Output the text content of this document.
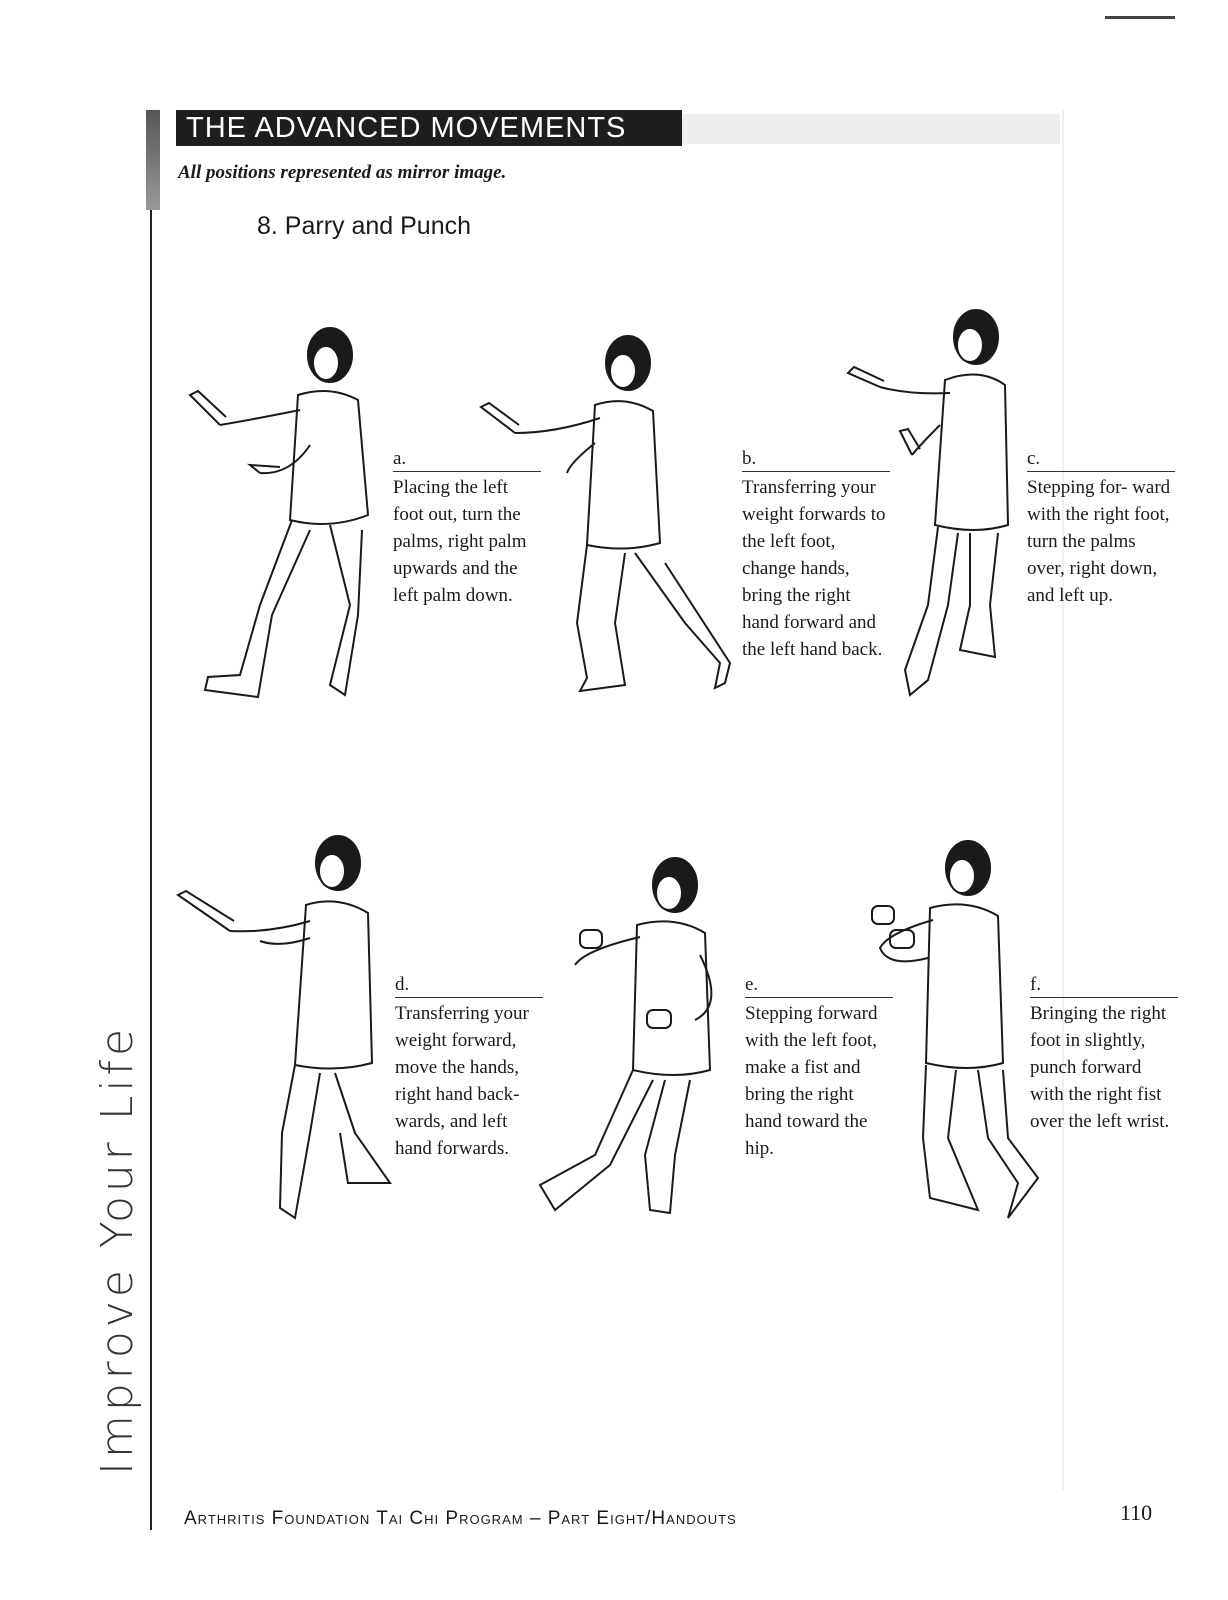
THE ADVANCED MOVEMENTS
All positions represented as mirror image.
8. Parry and Punch
Improve Your Life
a.
Placing the left foot out, turn the palms, right palm upwards and the left palm down.
b.
Transferring your weight forwards to the left foot, change hands, bring the right hand forward and the left hand back.
c.
Stepping for- ward with the right foot, turn the palms over, right down, and left up.
d.
Transferring your weight forward, move the hands, right hand back- wards, and left hand forwards.
e.
Stepping forward with the left foot, make a fist and bring the right hand toward the hip.
f.
Bringing the right foot in slightly, punch forward with the right fist over the left wrist.
Arthritis Foundation Tai Chi Program – Part Eight/Handouts	110
